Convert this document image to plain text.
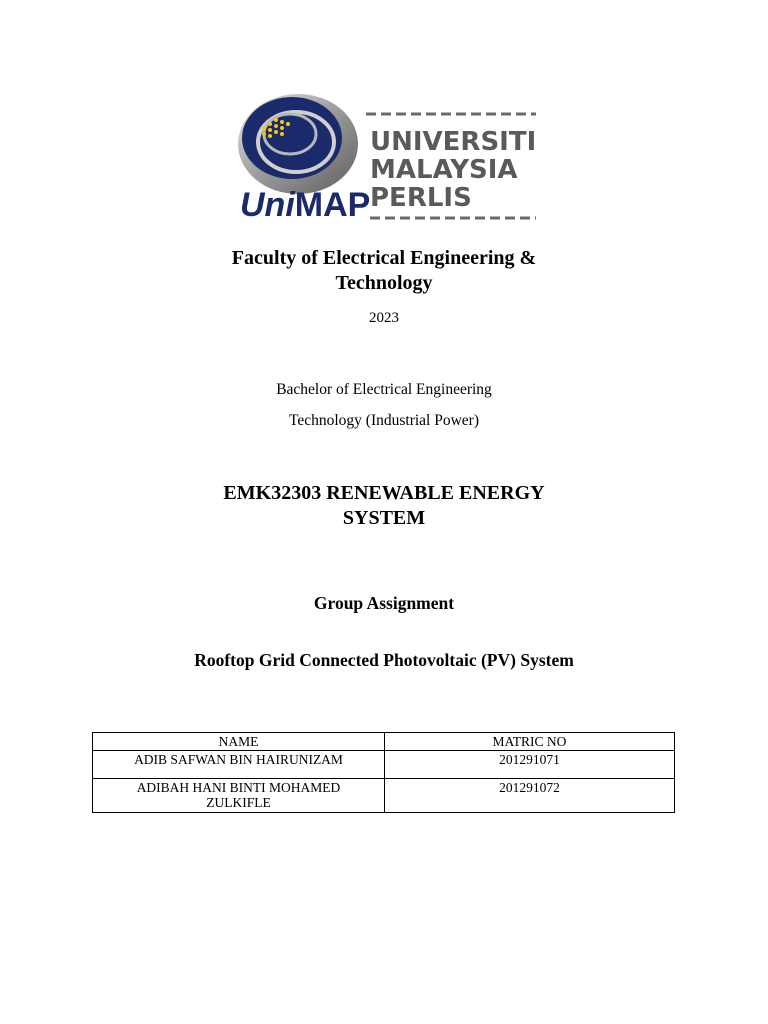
UniMAP
UNIVERSITI
MALAYSIA
PERLIS
Faculty of Electrical Engineering &
Technology
2023
Bachelor of Electrical Engineering
Technology (Industrial Power)
EMK32303 RENEWABLE ENERGY
SYSTEM
Group Assignment
Rooftop Grid Connected Photovoltaic (PV) System
NAME	MATRIC NO

ADIB SAFWAN BIN HAIRUNIZAM	201291071

ADIBAH HANI BINTI MOHAMED
ZULKIFLE	201291072
